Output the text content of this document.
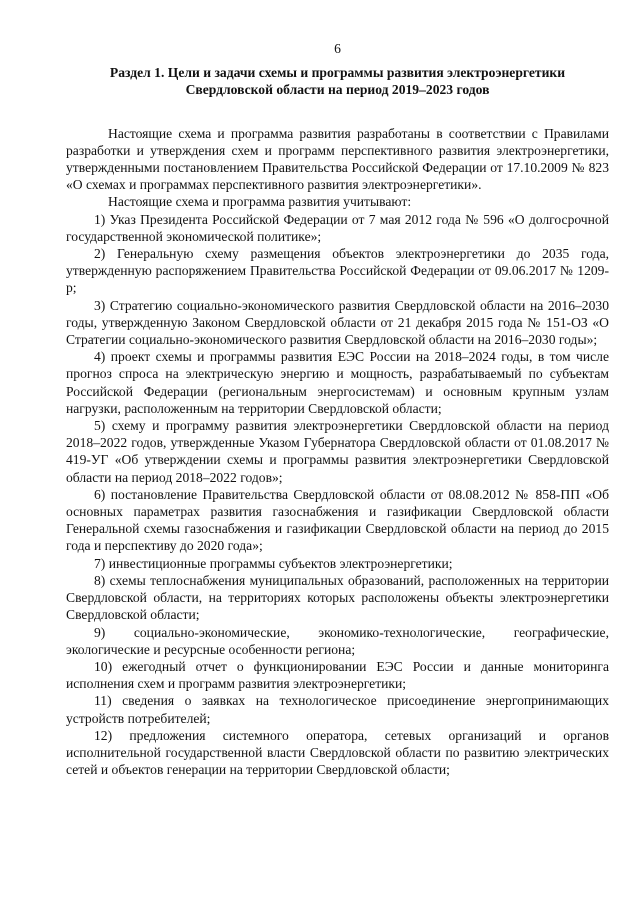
6
Раздел 1. Цели и задачи схемы и программы развития электроэнергетики
Свердловской области на период 2019–2023 годов

Настоящие схема и программа развития разработаны в соответствии с Правилами разработки и утверждения схем и программ перспективного развития электроэнергетики, утвержденными постановлением Правительства Российской Федерации от 17.10.2009 № 823 «О схемах и программах перспективного развития электроэнергетики».

Настоящие схема и программа развития учитывают:

1) Указ Президента Российской Федерации от 7 мая 2012 года № 596 «О долгосрочной государственной экономической политике»;

2) Генеральную схему размещения объектов электроэнергетики до 2035 года, утвержденную распоряжением Правительства Российской Федерации от 09.06.2017 № 1209-р;

3) Стратегию социально-экономического развития Свердловской области на 2016–2030 годы, утвержденную Законом Свердловской области от 21 декабря 2015 года № 151-ОЗ «О Стратегии социально-экономического развития Свердловской области на 2016–2030 годы»;

4) проект схемы и программы развития ЕЭС России на 2018–2024 годы, в том числе прогноз спроса на электрическую энергию и мощность, разрабатываемый по субъектам Российской Федерации (региональным энергосистемам) и основным крупным узлам нагрузки, расположенным на территории Свердловской области;

5) схему и программу развития электроэнергетики Свердловской области на период 2018–2022 годов, утвержденные Указом Губернатора Свердловской области от 01.08.2017 № 419-УГ «Об утверждении схемы и программы развития электроэнергетики Свердловской области на период 2018–2022 годов»;

6) постановление Правительства Свердловской области от 08.08.2012 № 858-ПП «Об основных параметрах развития газоснабжения и газификации Свердловской области Генеральной схемы газоснабжения и газификации Свердловской области на период до 2015 года и перспективу до 2020 года»;

7) инвестиционные программы субъектов электроэнергетики;

8) схемы теплоснабжения муниципальных образований, расположенных на территории Свердловской области, на территориях которых расположены объекты электроэнергетики Свердловской области;

9) социально-экономические, экономико-технологические, географические, экологические и ресурсные особенности региона;

10) ежегодный отчет о функционировании ЕЭС России и данные мониторинга исполнения схем и программ развития электроэнергетики;

11) сведения о заявках на технологическое присоединение энергопринимающих устройств потребителей;

12) предложения системного оператора, сетевых организаций и органов исполнительной государственной власти Свердловской области по развитию электрических сетей и объектов генерации на территории Свердловской области;
